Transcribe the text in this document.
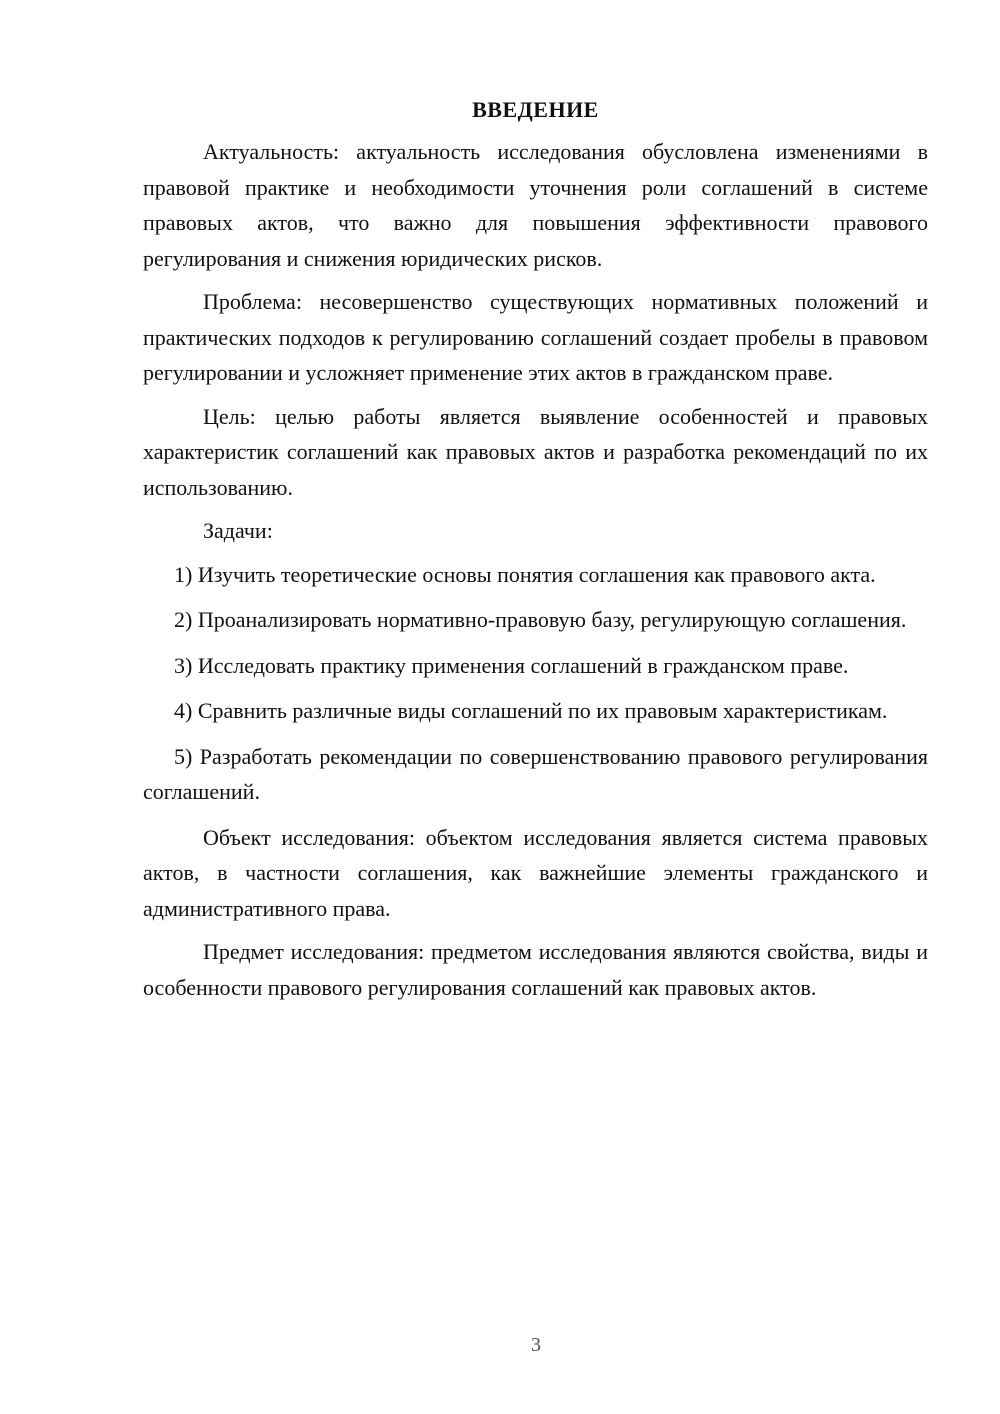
ВВЕДЕНИЕ

Актуальность: актуальность исследования обусловлена изменениями в правовой практике и необходимости уточнения роли соглашений в системе правовых актов, что важно для повышения эффективности правового регулирования и снижения юридических рисков.

Проблема: несовершенство существующих нормативных положений и практических подходов к регулированию соглашений создает пробелы в правовом регулировании и усложняет применение этих актов в гражданском праве.

Цель: целью работы является выявление особенностей и правовых характеристик соглашений как правовых актов и разработка рекомендаций по их использованию.

Задачи:

1) Изучить теоретические основы понятия соглашения как правового акта.

2) Проанализировать нормативно-правовую базу, регулирующую соглашения.

3) Исследовать практику применения соглашений в гражданском праве.

4) Сравнить различные виды соглашений по их правовым характеристикам.

5) Разработать рекомендации по совершенствованию правового регулирования соглашений.

Объект исследования: объектом исследования является система правовых актов, в частности соглашения, как важнейшие элементы гражданского и административного права.

Предмет исследования: предметом исследования являются свойства, виды и особенности правового регулирования соглашений как правовых актов.

3
